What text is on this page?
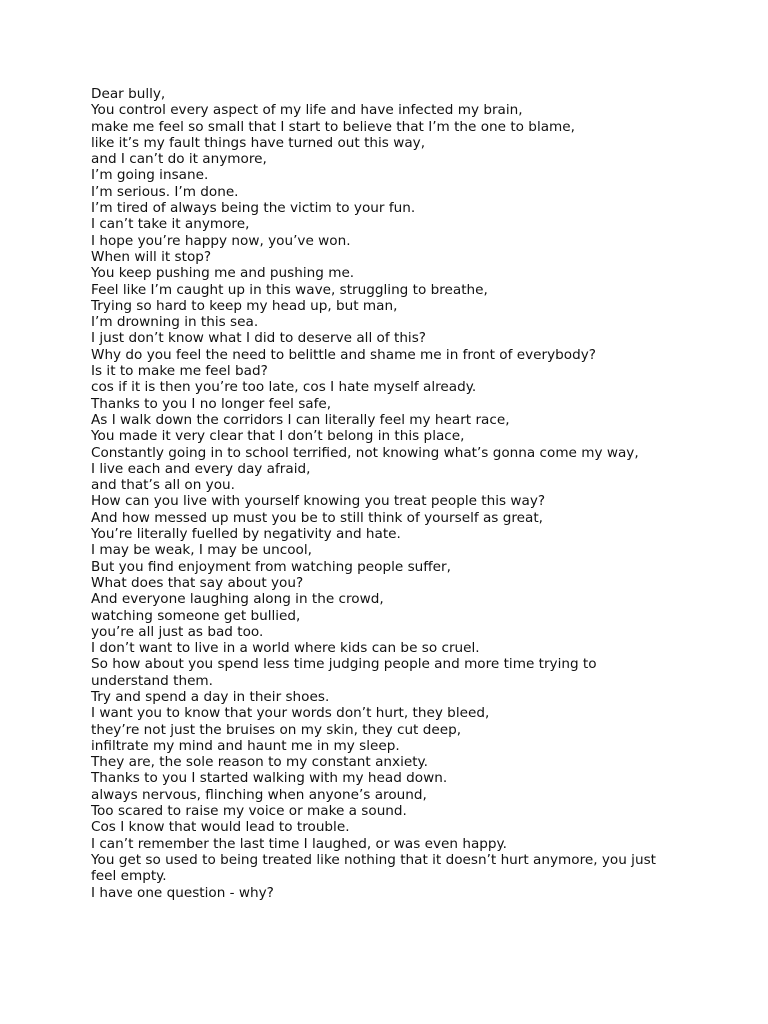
Dear bully,
You control every aspect of my life and have infected my brain,
make me feel so small that I start to believe that I’m the one to blame,
like it’s my fault things have turned out this way,
and I can’t do it anymore,
I’m going insane.
I’m serious. I’m done.
I’m tired of always being the victim to your fun.
I can’t take it anymore,
I hope you’re happy now, you’ve won.
When will it stop?
You keep pushing me and pushing me.
Feel like I’m caught up in this wave, struggling to breathe,
Trying so hard to keep my head up, but man,
I’m drowning in this sea.
I just don’t know what I did to deserve all of this?
Why do you feel the need to belittle and shame me in front of everybody?
Is it to make me feel bad?
cos if it is then you’re too late, cos I hate myself already.
Thanks to you I no longer feel safe,
As I walk down the corridors I can literally feel my heart race,
You made it very clear that I don’t belong in this place,
Constantly going in to school terrified, not knowing what’s gonna come my way,
I live each and every day afraid,
and that’s all on you.
How can you live with yourself knowing you treat people this way?
And how messed up must you be to still think of yourself as great,
You’re literally fuelled by negativity and hate.
I may be weak, I may be uncool,
But you find enjoyment from watching people suffer,
What does that say about you?
And everyone laughing along in the crowd,
watching someone get bullied,
you’re all just as bad too.
I don’t want to live in a world where kids can be so cruel.
So how about you spend less time judging people and more time trying to understand them.
Try and spend a day in their shoes.
I want you to know that your words don’t hurt, they bleed,
they’re not just the bruises on my skin, they cut deep,
infiltrate my mind and haunt me in my sleep.
They are, the sole reason to my constant anxiety.
Thanks to you I started walking with my head down.
always nervous, flinching when anyone’s around,
Too scared to raise my voice or make a sound.
Cos I know that would lead to trouble.
I can’t remember the last time I laughed, or was even happy.
You get so used to being treated like nothing that it doesn’t hurt anymore, you just feel empty.
I have one question - why?
